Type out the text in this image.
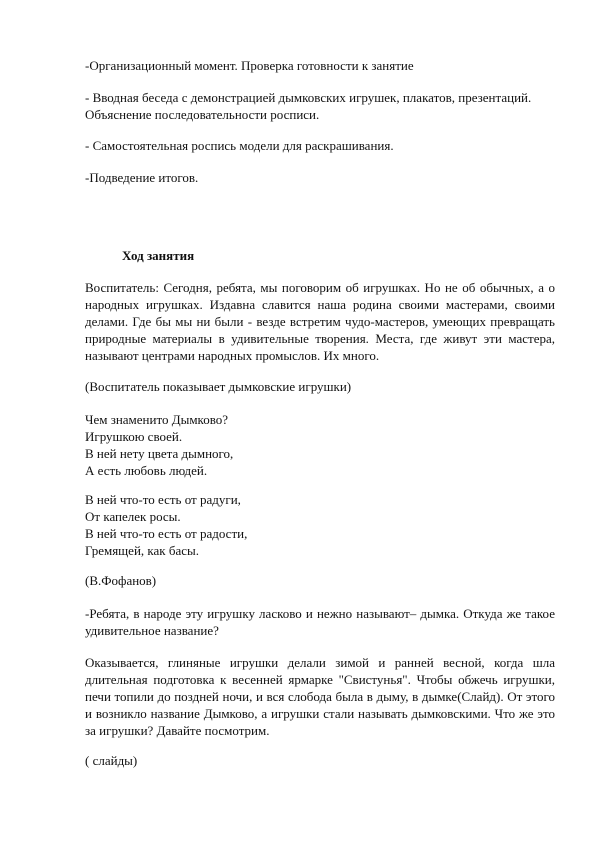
-Организационный момент. Проверка готовности к занятие

- Вводная беседа с демонстрацией дымковских игрушек, плакатов, презентаций. Объяснение последовательности росписи.

- Самостоятельная роспись модели для раскрашивания.

-Подведение итогов.

Ход занятия

Воспитатель: Сегодня, ребята, мы поговорим об игрушках. Но не об обычных, а о народных игрушках. Издавна славится наша родина своими мастерами, своими делами. Где бы мы ни были - везде встретим чудо-мастеров, умеющих превращать природные материалы в удивительные творения. Места, где живут эти мастера, называют центрами народных промыслов. Их много.

(Воспитатель показывает дымковские игрушки)

Чем знаменито Дымково?
Игрушкою своей.
В ней нету цвета дымного,
А есть любовь людей.
В ней что-то есть от радуги,
От капелек росы.
В ней что-то есть от радости,
Гремящей, как басы.

(В.Фофанов)

-Ребята, в народе эту игрушку ласково и нежно называют– дымка. Откуда же такое удивительное название?

Оказывается, глиняные игрушки делали зимой и ранней весной, когда шла длительная подготовка к весенней ярмарке "Свистунья". Чтобы обжечь игрушки, печи топили до поздней ночи, и вся слобода была в дыму, в дымке(Слайд). От этого и возникло название Дымково, а игрушки стали называть дымковскими. Что же это за игрушки? Давайте посмотрим.

( слайды)
